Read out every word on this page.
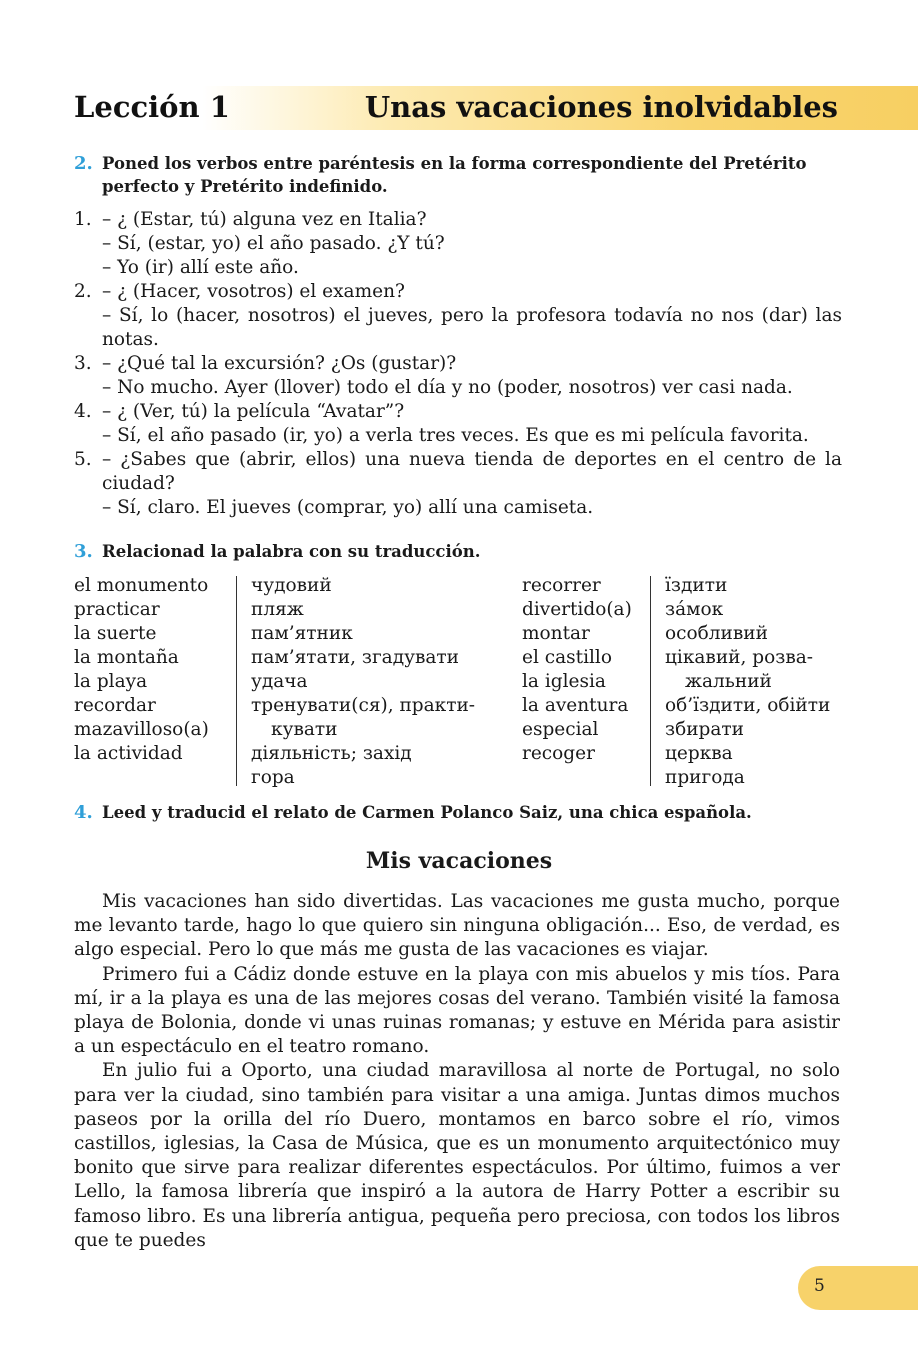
Lección 1	Unas vacaciones inolvidables
2. Poned los verbos entre paréntesis en la forma correspondiente del Pretérito perfecto y Pretérito indefinido.
1. – ¿ (Estar, tú) alguna vez en Italia?
– Sí, (estar, yo) el año pasado. ¿Y tú?
– Yo (ir) allí este año.
2. – ¿ (Hacer, vosotros) el examen?
– Sí, lo (hacer, nosotros) el jueves, pero la profesora todavía no nos (dar) las notas.
3. – ¿Qué tal la excursión? ¿Os (gustar)?
– No mucho. Ayer (llover) todo el día y no (poder, nosotros) ver casi nada.
4. – ¿ (Ver, tú) la película “Avatar”?
– Sí, el año pasado (ir, yo) a verla tres veces. Es que es mi película favorita.
5. – ¿Sabes que (abrir, ellos) una nueva tienda de deportes en el centro de la ciudad?
– Sí, claro. El jueves (comprar, yo) allí una camiseta.
3. Relacionad la palabra con su traducción.
el monumento
practicar
la suerte
la montaña
la playa
recordar
mazavilloso(a)
la actividad
чудовий
пляж
пам’ятник
пам’ятати, згадувати
удача
тренувати(ся), практи-
кувати
діяльність; захід
гора
recorrer
divertido(a)
montar
el castillo
la iglesia
la aventura
especial
recoger
їздити
за́мок
особливий
цікавий, розва-
жальний
об’їздити, обійти
збирати
церква
пригода
4. Leed y traducid el relato de Carmen Polanco Saiz, una chica española.
Mis vacaciones

Mis vacaciones han sido divertidas. Las vacaciones me gusta mucho, porque me levanto tarde, hago lo que quiero sin ninguna obligación... Eso, de verdad, es algo especial. Pero lo que más me gusta de las vacaciones es viajar.

Primero fui a Cádiz donde estuve en la playa con mis abuelos y mis tíos. Para mí, ir a la playa es una de las mejores cosas del verano. También visité la famosa playa de Bolonia, donde vi unas ruinas romanas; y estuve en Mérida para asistir a un espectáculo en el teatro romano.

En julio fui a Oporto, una ciudad maravillosa al norte de Portugal, no solo para ver la ciudad, sino también para visitar a una amiga. Juntas dimos muchos paseos por la orilla del río Duero, montamos en barco sobre el río, vimos castillos, iglesias, la Casa de Música, que es un monumento arquitectónico muy bonito que sirve para realizar diferentes espectáculos. Por último, fuimos a ver Lello, la famosa librería que inspiró a la autora de Harry Potter a escribir su famoso libro. Es una librería antigua, pequeña pero preciosa, con todos los libros que te puedes

5
